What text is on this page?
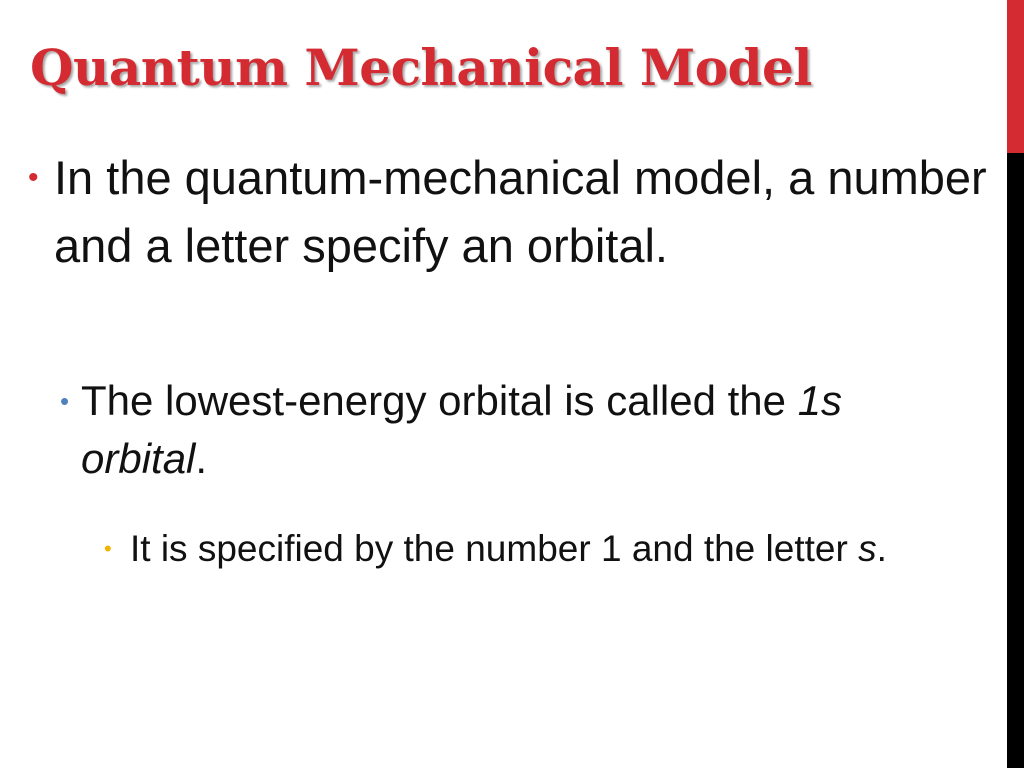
Quantum Mechanical Model
• In the quantum-mechanical model, a number and a letter specify an orbital.
• The lowest-energy orbital is called the 1s orbital.
• It is specified by the number 1 and the letter s.
